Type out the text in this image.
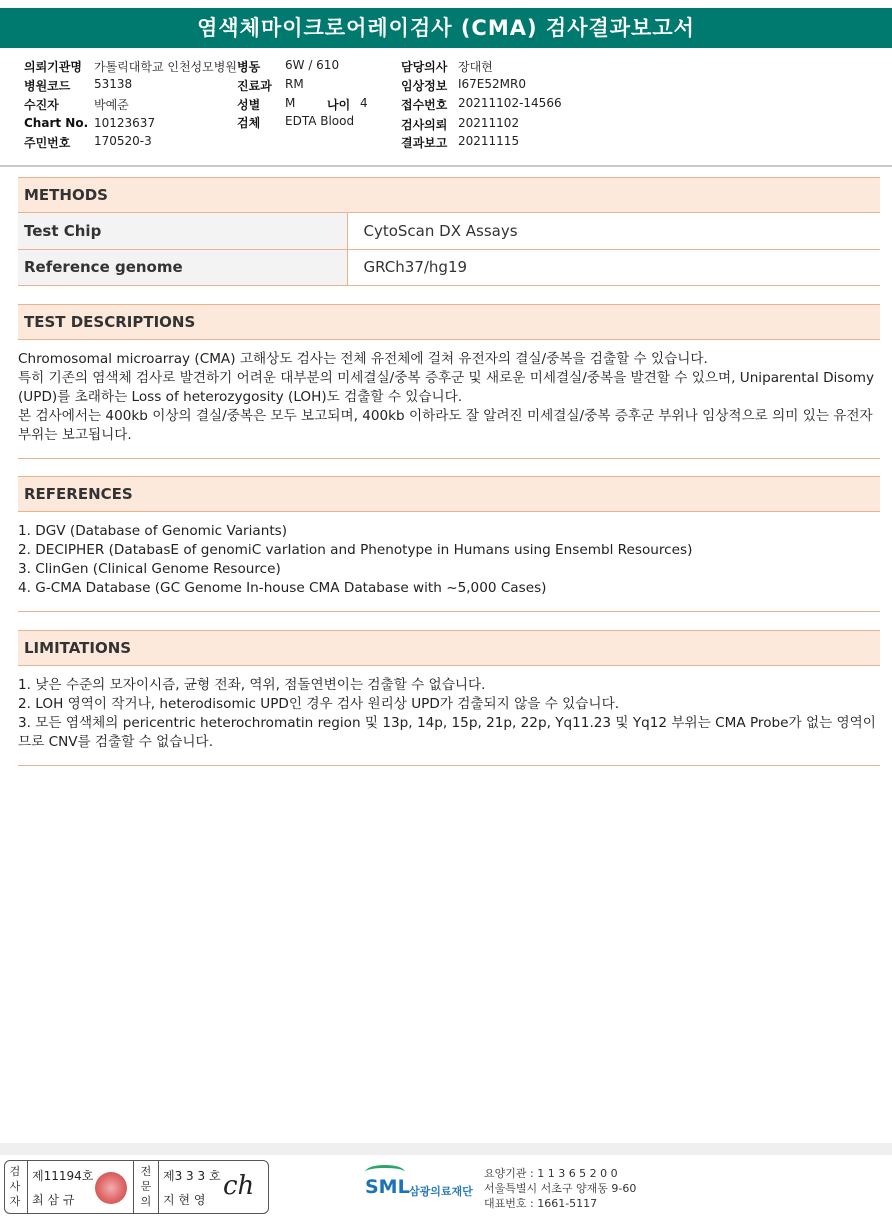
염색체마이크로어레이검사 (CMA) 검사결과보고서
의뢰기관명 가톨릭대학교 인천성모병원 병동 6W / 610	담당의사 장대현
병원코드 53138	진료과 RM	임상정보 I67E52MR0
수진자	박예준	성별 M	나이 4	접수번호 20211102-14566
Chart No. 10123637	검체 EDTA Blood	검사의뢰 20211102
주민번호 170520-3	결과보고 20211115
METHODS
Test Chip	CytoScan DX Assays
Reference genome	GRCh37/hg19
TEST DESCRIPTIONS
Chromosomal microarray (CMA) 고해상도 검사는 전체 유전체에 걸쳐 유전자의 결실/중복을 검출할 수 있습니다.
특히 기존의 염색체 검사로 발견하기 어려운 대부분의 미세결실/중복 증후군 및 새로운 미세결실/중복을 발견할 수 있으며, Uniparental Disomy (UPD)를 초래하는 Loss of heterozygosity (LOH)도 검출할 수 있습니다.
본 검사에서는 400kb 이상의 결실/중복은 모두 보고되며, 400kb 이하라도 잘 알려진 미세결실/중복 증후군 부위나 임상적으로 의미 있는 유전자 부위는 보고됩니다.
REFERENCES
1. DGV (Database of Genomic Variants)
2. DECIPHER (DatabasE of genomiC varIation and Phenotype in Humans using Ensembl Resources)
3. ClinGen (Clinical Genome Resource)
4. G-CMA Database (GC Genome In-house CMA Database with ~5,000 Cases)
LIMITATIONS
1. 낮은 수준의 모자이시즘, 균형 전좌, 역위, 점돌연변이는 검출할 수 없습니다.
2. LOH 영역이 작거나, heterodisomic UPD인 경우 검사 원리상 UPD가 검출되지 않을 수 있습니다.
3. 모든 염색체의 pericentric heterochromatin region 및 13p, 14p, 15p, 21p, 22p, Yq11.23 및 Yq12 부위는 CMA Probe가 없는 영역이므로 CNV를 검출할 수 없습니다.
검사자
제11194호
최 삼 규
전문의
제3 3 3 호
지 현 영 ch	SML 삼광의료재단
요양기관 : 1 1 3 6 5 2 0 0
서울특별시 서초구 양재동 9-60
대표번호 : 1661-5117
